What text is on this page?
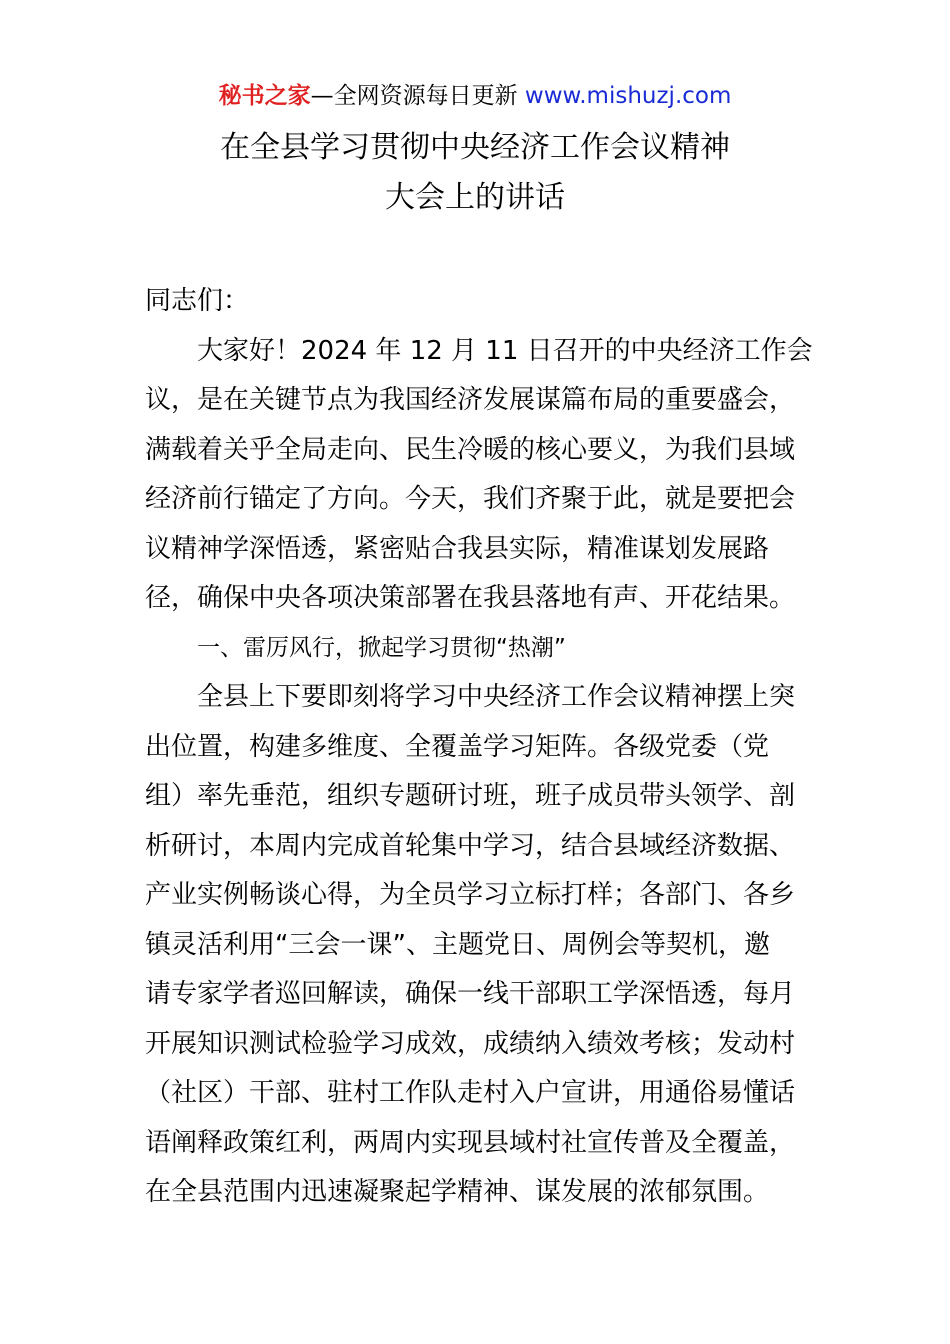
秘书之家—全网资源每日更新 www.mishuzj.com
在全县学习贯彻中央经济工作会议精神
大会上的讲话
同志们：
大家好！2024 年 12 月 11 日召开的中央经济工作会
议，是在关键节点为我国经济发展谋篇布局的重要盛会，
满载着关乎全局走向、民生冷暖的核心要义，为我们县域
经济前行锚定了方向。今天，我们齐聚于此，就是要把会
议精神学深悟透，紧密贴合我县实际，精准谋划发展路
径，确保中央各项决策部署在我县落地有声、开花结果。
一、雷厉风行，掀起学习贯彻“热潮”
全县上下要即刻将学习中央经济工作会议精神摆上突
出位置，构建多维度、全覆盖学习矩阵。各级党委（党
组）率先垂范，组织专题研讨班，班子成员带头领学、剖
析研讨，本周内完成首轮集中学习，结合县域经济数据、
产业实例畅谈心得，为全员学习立标打样；各部门、各乡
镇灵活利用“三会一课”、主题党日、周例会等契机，邀
请专家学者巡回解读，确保一线干部职工学深悟透，每月
开展知识测试检验学习成效，成绩纳入绩效考核；发动村
（社区）干部、驻村工作队走村入户宣讲，用通俗易懂话
语阐释政策红利，两周内实现县域村社宣传普及全覆盖，
在全县范围内迅速凝聚起学精神、谋发展的浓郁氛围。
